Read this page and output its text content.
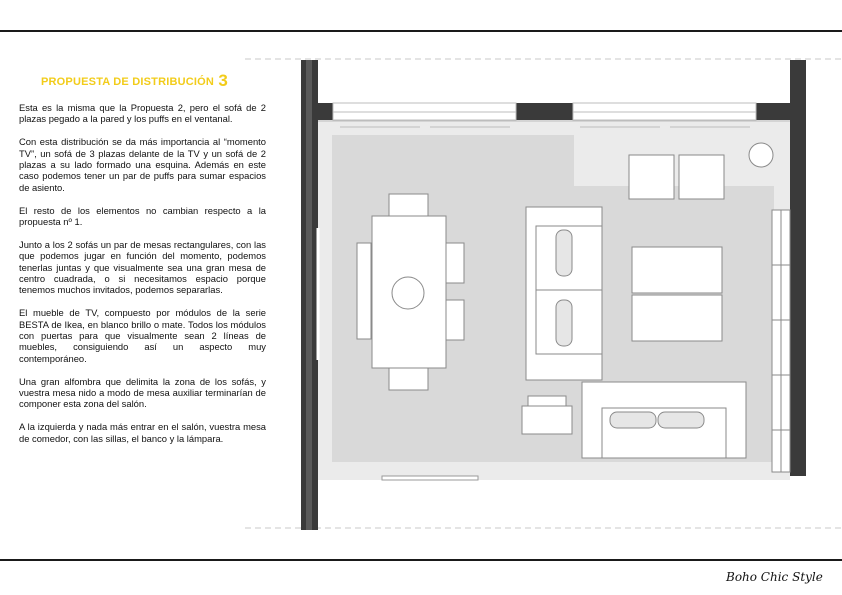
PROPUESTA DE DISTRIBUCIÓN 3

Esta es la misma que la Propuesta 2, pero el sofá de 2 plazas pegado a la pared y los puffs en el ventanal.

Con esta distribución se da más importancia al “momento TV”, un sofá de 3 plazas delante de la TV y un sofá de 2 plazas a su lado formado una esquina. Además en este caso podemos tener un par de puffs para sumar espacios de asiento.

El resto de los elementos no cambian respecto a la propuesta nº 1.

Junto a los 2 sofás un par de mesas rectangulares, con las que podemos jugar en función del momento, podemos tenerlas juntas y que visualmente sea una gran mesa de centro cuadrada, o si necesitamos espacio porque tenemos muchos invitados, podemos separarlas.

El mueble de TV, compuesto por módulos de la serie BESTA de Ikea, en blanco brillo o mate. Todos los módulos con puertas para que visualmente sean 2 líneas de muebles, consiguiendo así un aspecto muy contemporáneo.

Una gran alfombra que delimita la zona de los sofás, y vuestra mesa nido a modo de mesa auxiliar terminarían de componer esta zona del salón.

A la izquierda y nada más entrar en el salón, vuestra mesa de comedor, con las sillas, el banco y la lámpara.

Boho Chic Style
